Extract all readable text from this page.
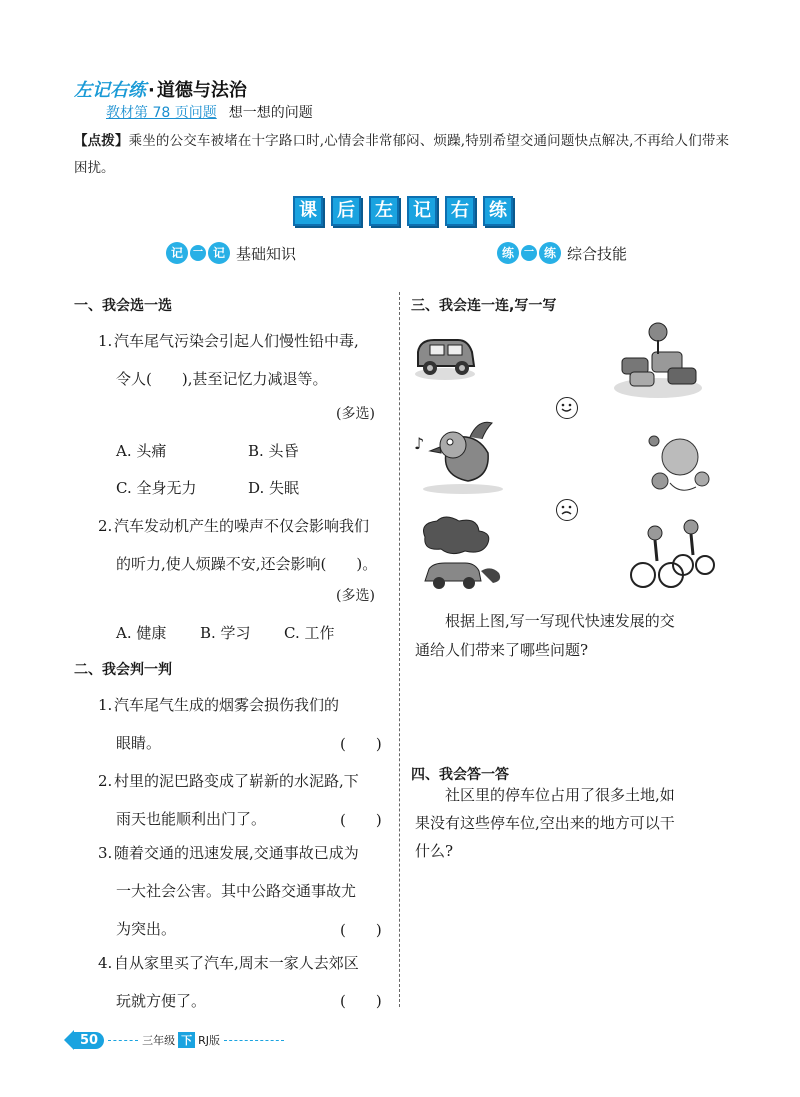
左记右练 · 道德与法治
教材第 78 页问题 想一想的问题
【点拨】乘坐的公交车被堵在十字路口时,心情会非常郁闷、烦躁,特别希望交通问题快点解决,不再给人们带来困扰。
课	后	左	记	右	练
记	一 记 基础知识	练	一 练 综合技能
一、我会选一选
1. 汽车尾气污染会引起人们慢性铅中毒,
令人(　　),甚至记忆力减退等。
(多选)
A. 头痛	B. 头昏
C. 全身无力	D. 失眠
2. 汽车发动机产生的噪声不仅会影响我们
的听力,使人烦躁不安,还会影响(　　)。
(多选)
A. 健康	B. 学习	C. 工作
二、我会判一判
1. 汽车尾气生成的烟雾会损伤我们的
眼睛。	(　　)
2. 村里的泥巴路变成了崭新的水泥路,下
雨天也能顺利出门了。	(　　)
3. 随着交通的迅速发展,交通事故已成为
一大社会公害。其中公路交通事故尤
为突出。	(　　)
4. 自从家里买了汽车,周末一家人去郊区
玩就方便了。	(　　)
三、我会连一连,写一写
♪
根据上图,写一写现代快速发展的交
通给人们带来了哪些问题?
四、我会答一答
社区里的停车位占用了很多土地,如
果没有这些停车位,空出来的地方可以干
什么?
50	三年级 下 RJ版
